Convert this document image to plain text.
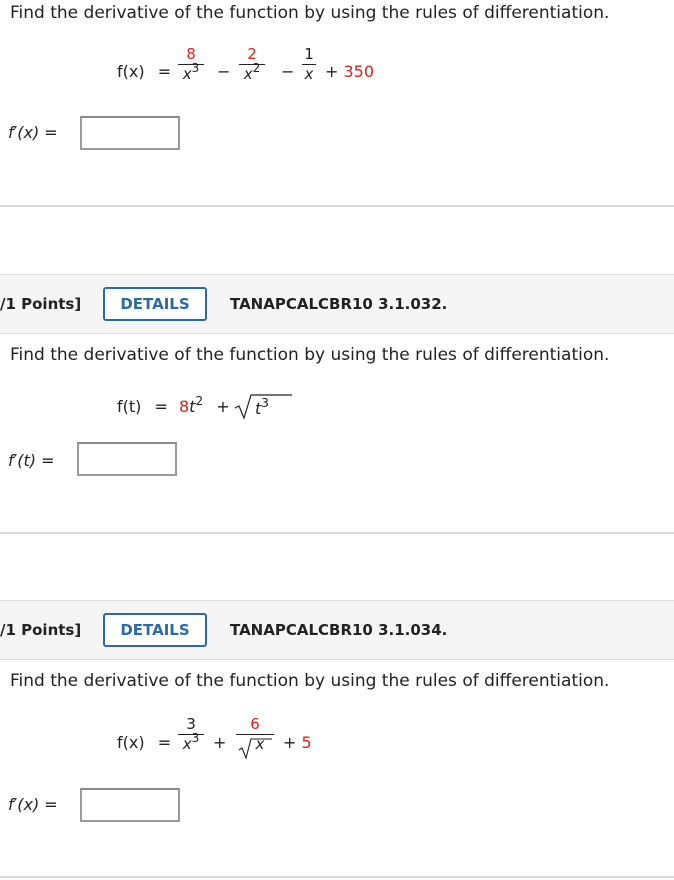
Find the derivative of the function by using the rules of differentiation.
f(x) =
8
$x^3$ −
2
$x^2$ −
1
x + 350
f′(x) =
/1 Points]	DETAILS	TANAPCALCBR10 3.1.032.
Find the derivative of the function by using the rules of differentiation.
$f(t) = 8t^2 + t^3$
f′(t) =
/1 Points]	DETAILS	TANAPCALCBR10 3.1.034.
Find the derivative of the function by using the rules of differentiation.
f(x) =
3
$x^3$ +
6
x	+ 5
f′(x) =
